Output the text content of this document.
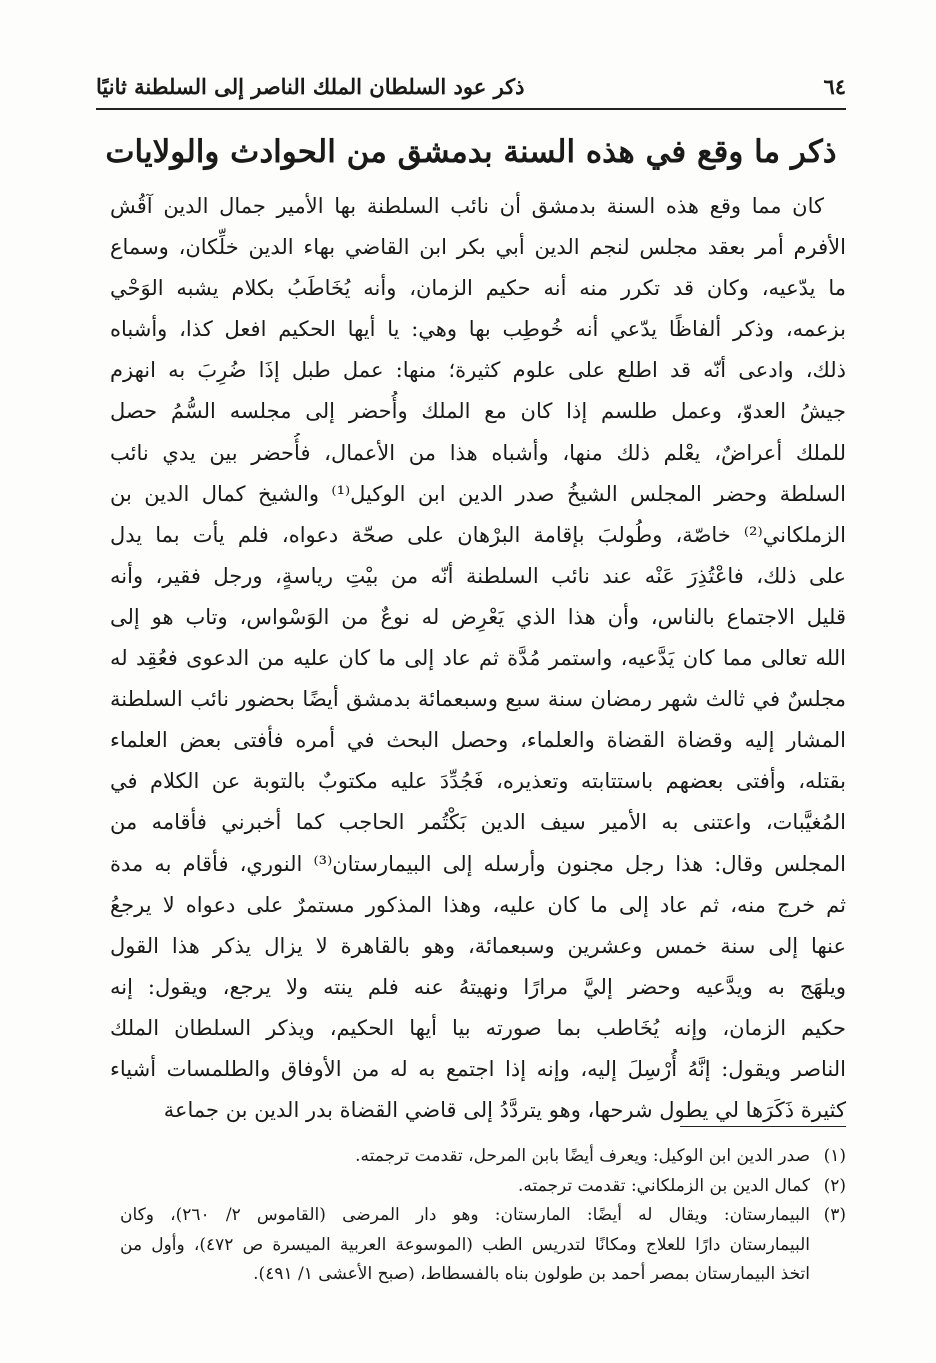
٦٤
ذكر عود السلطان الملك الناصر إلى السلطنة ثانيًا
ذكر ما وقع في هذه السنة بدمشق من الحوادث والولايات
كان مما وقع هذه السنة بدمشق أن نائب السلطنة بها الأمير جمال الدين آقُش
الأفرم أمر بعقد مجلس لنجم الدين أبي بكر ابن القاضي بهاء الدين خلِّكان، وسماع
ما يدّعيه، وكان قد تكرر منه أنه حكيم الزمان، وأنه يُخَاطَبُ بكلام يشبه الوَحْي
بزعمه، وذكر ألفاظًا يدّعي أنه خُوطِب بها وهي: يا أيها الحكيم افعل كذا، وأشباه
ذلك، وادعى أنّه قد اطلع على علوم كثيرة؛ منها: عمل طبل إذَا ضُرِبَ به انهزم
جيشُ العدوّ، وعمل طلسم إذا كان مع الملك وأُحضر إلى مجلسه السُّمُ حصل
للملك أعراضٌ، يعْلم ذلك منها، وأشباه هذا من الأعمال، فأُحضر بين يدي نائب
السلطة وحضر المجلس الشيخُ صدر الدين ابن الوكيل⁽¹⁾ والشيخ كمال الدين بن
الزملكاني⁽²⁾ خاصّة، وطُولبَ بإقامة البرْهان على صحّة دعواه، فلم يأت بما يدل
على ذلك، فاعْتُذِرَ عَنْه عند نائب السلطنة أنّه من بيْتِ رياسةٍ، ورجل فقير، وأنه
قليل الاجتماع بالناس، وأن هذا الذي يَعْرِض له نوعٌ من الوَسْواس، وتاب هو إلى
الله تعالى مما كان يَدَّعيه، واستمر مُدَّة ثم عاد إلى ما كان عليه من الدعوى فعُقِد له
مجلسٌ في ثالث شهر رمضان سنة سبع وسبعمائة بدمشق أيضًا بحضور نائب السلطنة
المشار إليه وقضاة القضاة والعلماء، وحصل البحث في أمره فأفتى بعض العلماء
بقتله، وأفتى بعضهم باستتابته وتعذيره، فَجُدِّدَ عليه مكتوبٌ بالتوبة عن الكلام في
المُغيَّبات، واعتنى به الأمير سيف الدين بَكْتُمر الحاجب كما أخبرني فأقامه من
المجلس وقال: هذا رجل مجنون وأرسله إلى البيمارستان⁽³⁾ النوري، فأقام به مدة
ثم خرج منه، ثم عاد إلى ما كان عليه، وهذا المذكور مستمرٌ على دعواه لا يرجعُ
عنها إلى سنة خمس وعشرين وسبعمائة، وهو بالقاهرة لا يزال يذكر هذا القول
ويلهَج به ويدَّعيه وحضر إليَّ مرارًا ونهيتهُ عنه فلم ينته ولا يرجع، ويقول: إنه
حكيم الزمان، وإنه يُخَاطب بما صورته بيا أيها الحكيم، ويذكر السلطان الملك
الناصر ويقول: إنَّهُ أُرْسِلَ إليه، وإنه إذا اجتمع به له من الأوفاق والطلمسات أشياء
كثيرة ذَكَرَها لي يطول شرحها، وهو يتردَّدُ إلى قاضي القضاة بدر الدين بن جماعة
(١)
صدر الدين ابن الوكيل: ويعرف أيضًا بابن المرحل، تقدمت ترجمته.
(٢)
كمال الدين بن الزملكاني: تقدمت ترجمته.
(٣)
البيمارستان: ويقال له أيضًا: المارستان: وهو دار المرضى (القاموس ٢/ ٢٦٠)، وكان
البيمارستان دارًا للعلاج ومكانًا لتدريس الطب (الموسوعة العربية الميسرة ص ٤٧٢)، وأول من
اتخذ البيمارستان بمصر أحمد بن طولون بناه بالفسطاط، (صبح الأعشى ١/ ٤٩١).
